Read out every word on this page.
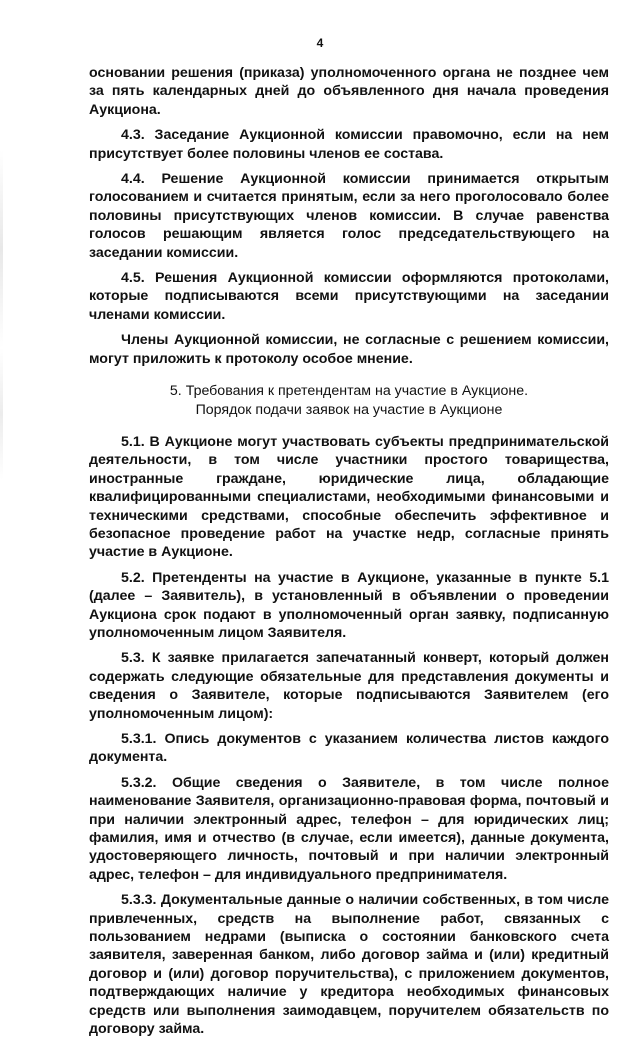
4

основании решения (приказа) уполномоченного органа не позднее чем за пять календарных дней до объявленного дня начала проведения Аукциона.

4.3. Заседание Аукционной комиссии правомочно, если на нем присутствует более половины членов ее состава.

4.4. Решение Аукционной комиссии принимается открытым голосованием и считается принятым, если за него проголосовало более половины присутствующих членов комиссии. В случае равенства голосов решающим является голос председательствующего на заседании комиссии.

4.5. Решения Аукционной комиссии оформляются протоколами, которые подписываются всеми присутствующими на заседании членами комиссии.

Члены Аукционной комиссии, не согласные с решением комиссии, могут приложить к протоколу особое мнение.

5. Требования к претендентам на участие в Аукционе.
Порядок подачи заявок на участие в Аукционе

5.1. В Аукционе могут участвовать субъекты предпринимательской деятельности, в том числе участники простого товарищества, иностранные граждане, юридические лица, обладающие квалифицированными специалистами, необходимыми финансовыми и техническими средствами, способные обеспечить эффективное и безопасное проведение работ на участке недр, согласные принять участие в Аукционе.

5.2. Претенденты на участие в Аукционе, указанные в пункте 5.1 (далее – Заявитель), в установленный в объявлении о проведении Аукциона срок подают в уполномоченный орган заявку, подписанную уполномоченным лицом Заявителя.

5.3. К заявке прилагается запечатанный конверт, который должен содержать следующие обязательные для представления документы и сведения о Заявителе, которые подписываются Заявителем (его уполномоченным лицом):

5.3.1. Опись документов с указанием количества листов каждого документа.

5.3.2. Общие сведения о Заявителе, в том числе полное наименование Заявителя, организационно-правовая форма, почтовый и при наличии электронный адрес, телефон – для юридических лиц; фамилия, имя и отчество (в случае, если имеется), данные документа, удостоверяющего личность, почтовый и при наличии электронный адрес, телефон – для индивидуального предпринимателя.

5.3.3. Документальные данные о наличии собственных, в том числе привлеченных, средств на выполнение работ, связанных с пользованием недрами (выписка о состоянии банковского счета заявителя, заверенная банком, либо договор займа и (или) кредитный договор и (или) договор поручительства), с приложением документов, подтверждающих наличие у кредитора необходимых финансовых средств или выполнения заимодавцем, поручителем обязательств по договору займа.
